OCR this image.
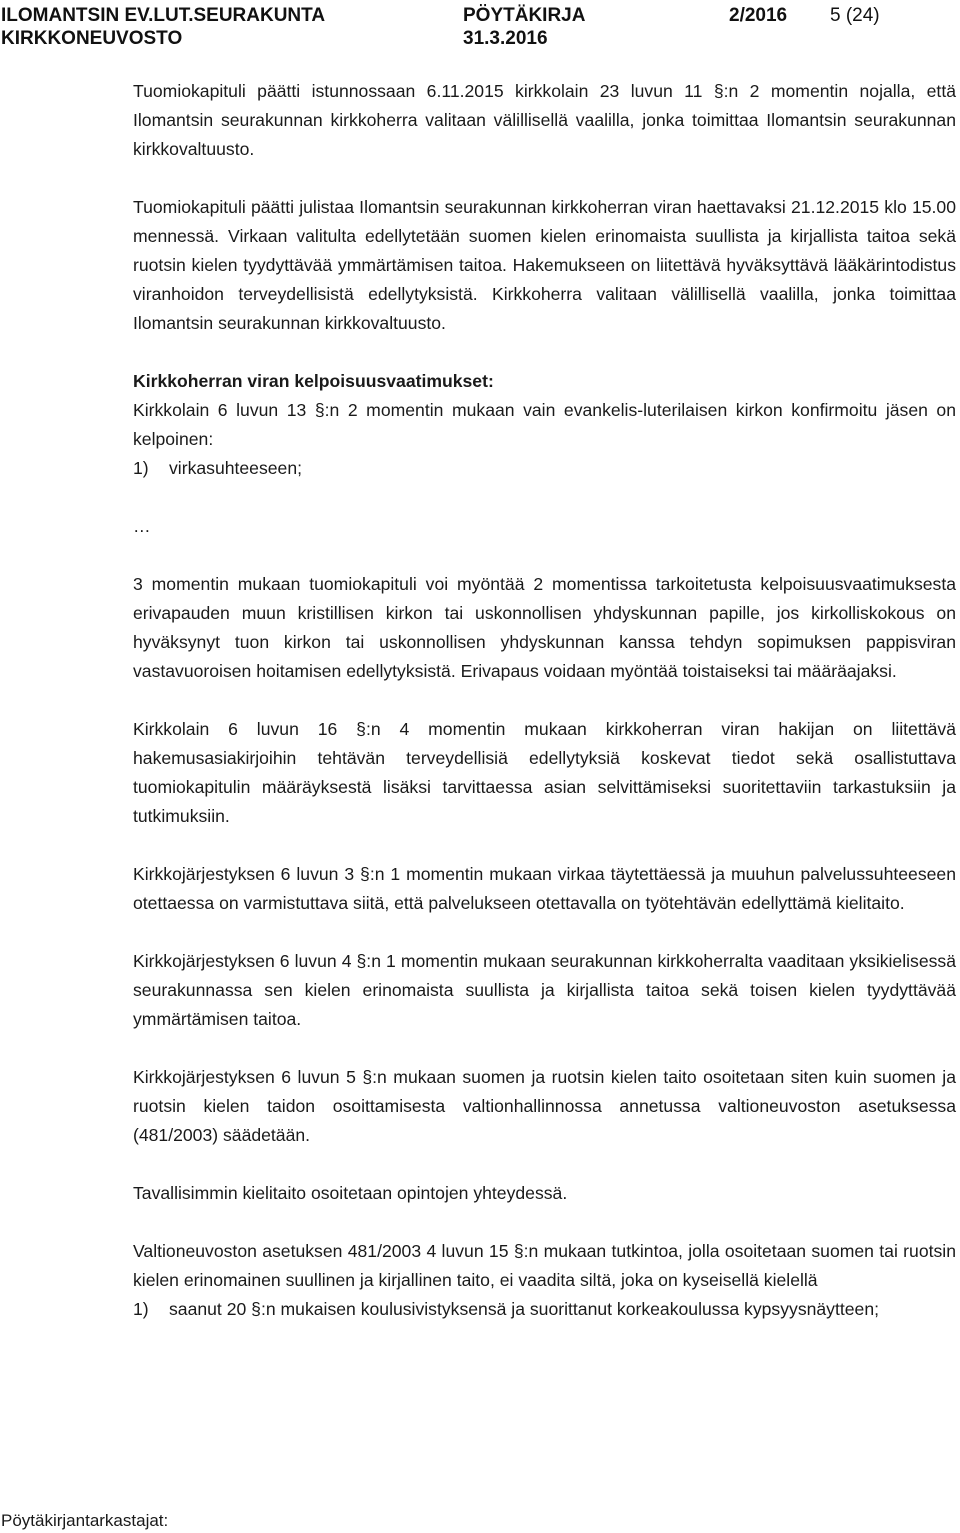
ILOMANTSIN EV.LUT.SEURAKUNTA
KIRKKONEUVOSTO
PÖYTÄKIRJA
31.3.2016
2/2016 5 (24)

Tuomiokapituli päätti istunnossaan 6.11.2015 kirkkolain 23 luvun 11 §:n 2 momentin nojalla, että Ilomantsin seurakunnan kirkkoherra valitaan välillisellä vaalilla, jonka toimittaa Ilomantsin seurakunnan kirkkovaltuusto.

Tuomiokapituli päätti julistaa Ilomantsin seurakunnan kirkkoherran viran haettavaksi 21.12.2015 klo 15.00 mennessä. Virkaan valitulta edellytetään suomen kielen erinomaista suullista ja kirjallista taitoa sekä ruotsin kielen tyydyttävää ymmärtämisen taitoa. Hakemukseen on liitettävä hyväksyttävä lääkärintodistus viranhoidon terveydellisistä edellytyksistä. Kirkkoherra valitaan välillisellä vaalilla, jonka toimittaa Ilomantsin seurakunnan kirkkovaltuusto.

Kirkkoherran viran kelpoisuusvaatimukset:

Kirkkolain 6 luvun 13 §:n 2 momentin mukaan vain evankelis-luterilaisen kirkon konfirmoitu jäsen on kelpoinen:

1)	virkasuhteeseen;

…

3 momentin mukaan tuomiokapituli voi myöntää 2 momentissa tarkoitetusta kelpoisuusvaatimuksesta erivapauden muun kristillisen kirkon tai uskonnollisen yhdyskunnan papille, jos kirkolliskokous on hyväksynyt tuon kirkon tai uskonnollisen yhdyskunnan kanssa tehdyn sopimuksen pappisviran vastavuoroisen hoitamisen edellytyksistä. Erivapaus voidaan myöntää toistaiseksi tai määräajaksi.

Kirkkolain 6 luvun 16 §:n 4 momentin mukaan kirkkoherran viran hakijan on liitettävä hakemusasiakirjoihin tehtävän terveydellisiä edellytyksiä koskevat tiedot sekä osallistuttava tuomiokapitulin määräyksestä lisäksi tarvittaessa asian selvittämiseksi suoritettaviin tarkastuksiin ja tutkimuksiin.

Kirkkojärjestyksen 6 luvun 3 §:n 1 momentin mukaan virkaa täytettäessä ja muuhun palvelussuhteeseen otettaessa on varmistuttava siitä, että palvelukseen otettavalla on työtehtävän edellyttämä kielitaito.

Kirkkojärjestyksen 6 luvun 4 §:n 1 momentin mukaan seurakunnan kirkkoherralta vaaditaan yksikielisessä seurakunnassa sen kielen erinomaista suullista ja kirjallista taitoa sekä toisen kielen tyydyttävää ymmärtämisen taitoa.

Kirkkojärjestyksen 6 luvun 5 §:n mukaan suomen ja ruotsin kielen taito osoitetaan siten kuin suomen ja ruotsin kielen taidon osoittamisesta valtionhallinnossa annetussa valtioneuvoston asetuksessa (481/2003) säädetään.

Tavallisimmin kielitaito osoitetaan opintojen yhteydessä.

Valtioneuvoston asetuksen 481/2003 4 luvun 15 §:n mukaan tutkintoa, jolla osoitetaan suomen tai ruotsin kielen erinomainen suullinen ja kirjallinen taito, ei vaadita siltä, joka on kyseisellä kielellä

1)	saanut 20 §:n mukaisen koulusivistyksensä ja suorittanut korkeakoulussa kypsyysnäytteen;
Pöytäkirjantarkastajat:
